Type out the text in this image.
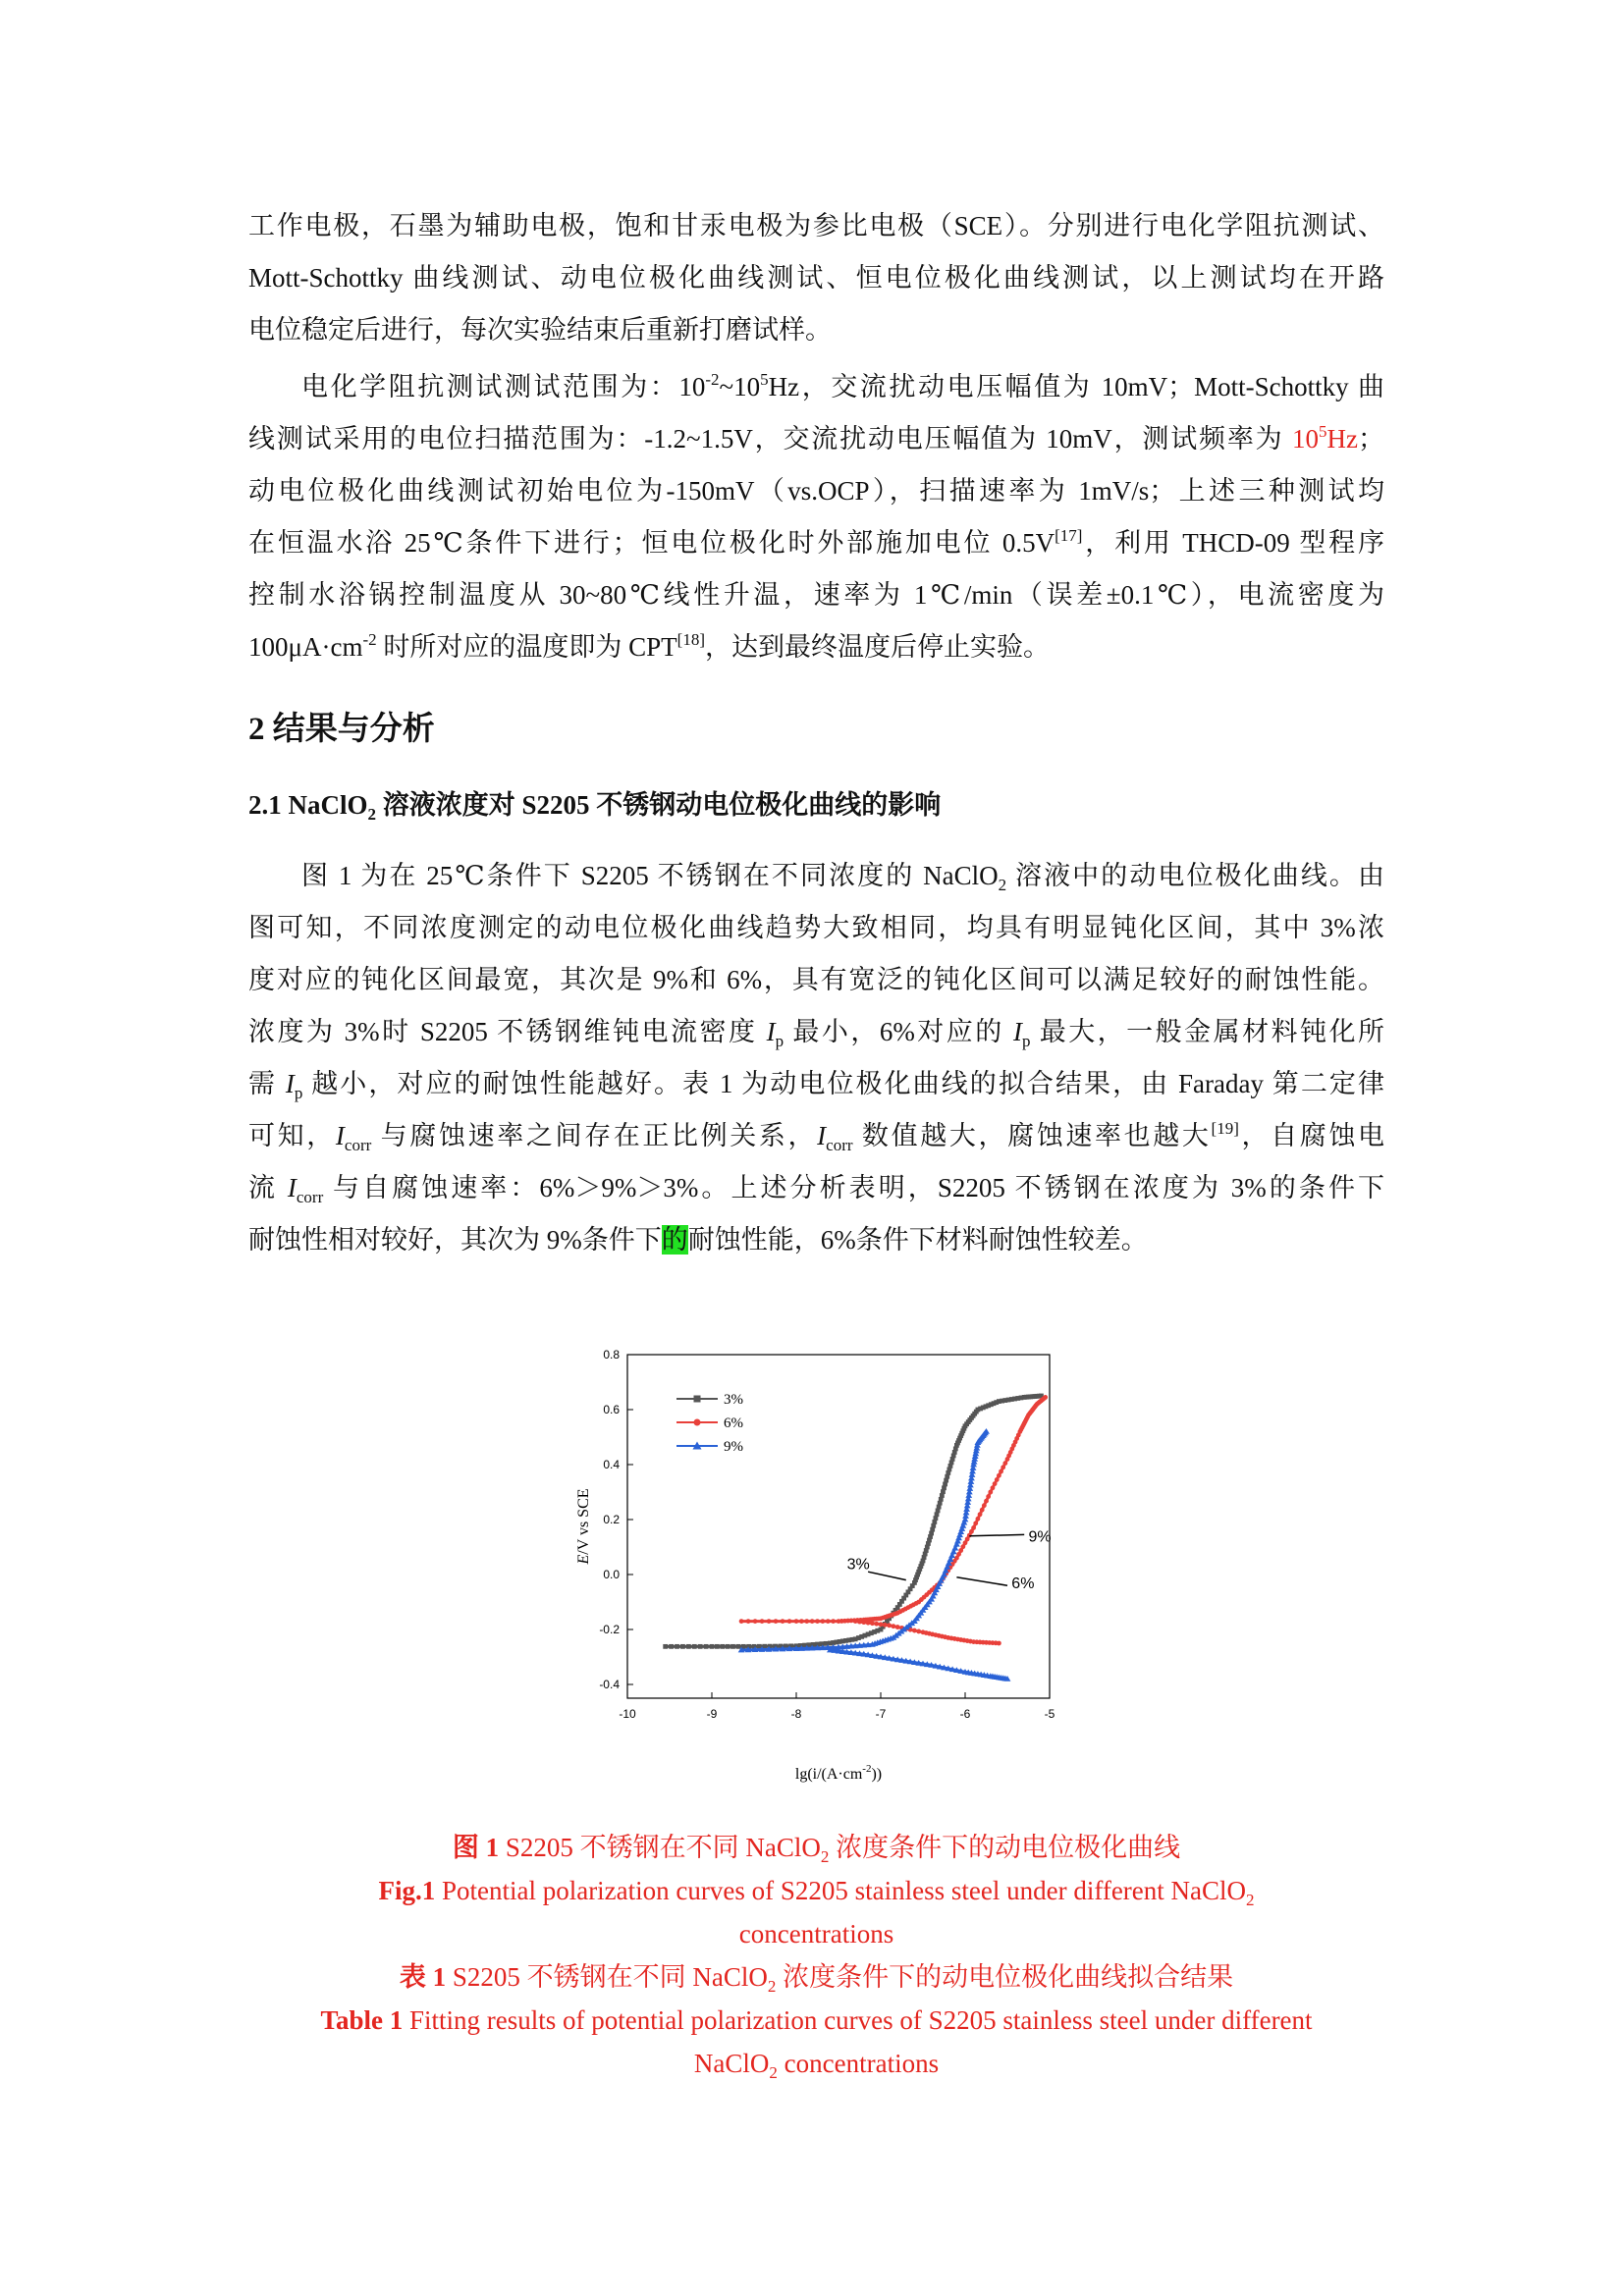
工作电极，石墨为辅助电极，饱和甘汞电极为参比电极（SCE）。分别进行电化学阻抗测试、
Mott-Schottky 曲线测试、动电位极化曲线测试、恒电位极化曲线测试，以上测试均在开路
电位稳定后进行，每次实验结束后重新打磨试样。
电化学阻抗测试测试范围为：$10^{-2}\sim 10^5Hz$，交流扰动电压幅值为 10mV；Mott-Schottky 曲
线测试采用的电位扫描范围为：-1.2~1.5V，交流扰动电压幅值为 10mV，测试频率为 $10^5Hz$；
动电位极化曲线测试初始电位为-150mV（vs.OCP），扫描速率为 1mV/s；上述三种测试均
在恒温水浴 25℃条件下进行；恒电位极化时外部施加电位 0.5V[17]，利用 THCD-09 型程序
控制水浴锅控制温度从 30~80℃线性升温，速率为 1℃/min（误差±0.1℃），电流密度为
$100\mu A\cdot cm^{-2}$ 时所对应的温度即为 CPT[18]，达到最终温度后停止实验。
2 结果与分析
2.1 NaClO$_2$ 溶液浓度对 S2205 不锈钢动电位极化曲线的影响
图 1 为在 25℃条件下 S2205 不锈钢在不同浓度的 NaClO$_2$ 溶液中的动电位极化曲线。由
图可知，不同浓度测定的动电位极化曲线趋势大致相同，均具有明显钝化区间，其中 3%浓
度对应的钝化区间最宽，其次是 9%和 6%，具有宽泛的钝化区间可以满足较好的耐蚀性能。
浓度为 3%时 S2205 不锈钢维钝电流密度 $I_p$ 最小，6%对应的 $I_p$ 最大，一般金属材料钝化所
需 $I_p$ 越小，对应的耐蚀性能越好。表 1 为动电位极化曲线的拟合结果，由 Faraday 第二定律
可知，$I_{corr}$ 与腐蚀速率之间存在正比例关系，$I_{corr}$ 数值越大，腐蚀速率也越大[19]，自腐蚀电
流 $I_{corr}$ 与自腐蚀速率：6%＞9%＞3%。上述分析表明，S2205 不锈钢在浓度为 3%的条件下
耐蚀性相对较好，其次为 9%条件下的耐蚀性能，6%条件下材料耐蚀性较差。
-10	-9	-8	-7	-6	-5
-0.4
-0.2
0.0
0.2
0.4
0.6
0.8
3%
6%
9%
3%
9%
6%
$\lg(i/(A\cdot cm^{-2}))$
E/V vs SCE
图 1 S2205 不锈钢在不同 NaClO$_2$ 浓度条件下的动电位极化曲线
Fig.1 Potential polarization curves of S2205 stainless steel under different NaClO$_2$
concentrations
表 1 S2205 不锈钢在不同 NaClO$_2$ 浓度条件下的动电位极化曲线拟合结果
Table 1 Fitting results of potential polarization curves of S2205 stainless steel under different
NaClO$_2$ concentrations
